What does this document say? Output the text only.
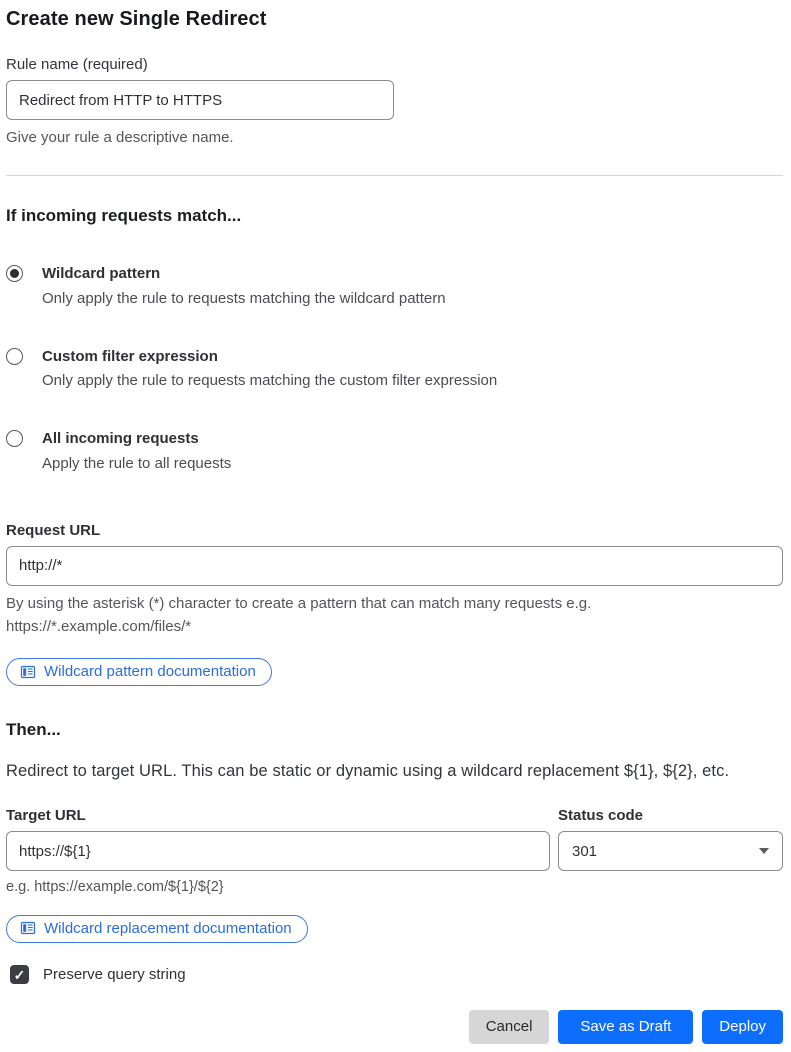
Create new Single Redirect
Rule name (required)
Redirect from HTTP to HTTPS
Give your rule a descriptive name.
If incoming requests match...
Wildcard pattern
Only apply the rule to requests matching the wildcard pattern
Custom filter expression
Only apply the rule to requests matching the custom filter expression
All incoming requests
Apply the rule to all requests
Request URL
http://*
By using the asterisk (*) character to create a pattern that can match many requests e.g. https://*.example.com/files/*
Wildcard pattern documentation
Then...

Redirect to target URL. This can be static or dynamic using a wildcard replacement ${1}, ${2}, etc.

Target URL
https://${1}
e.g. https://example.com/${1}/${2}
Status code
301
Wildcard replacement documentation
✓
Preserve query string
Cancel	Save as Draft	Deploy
